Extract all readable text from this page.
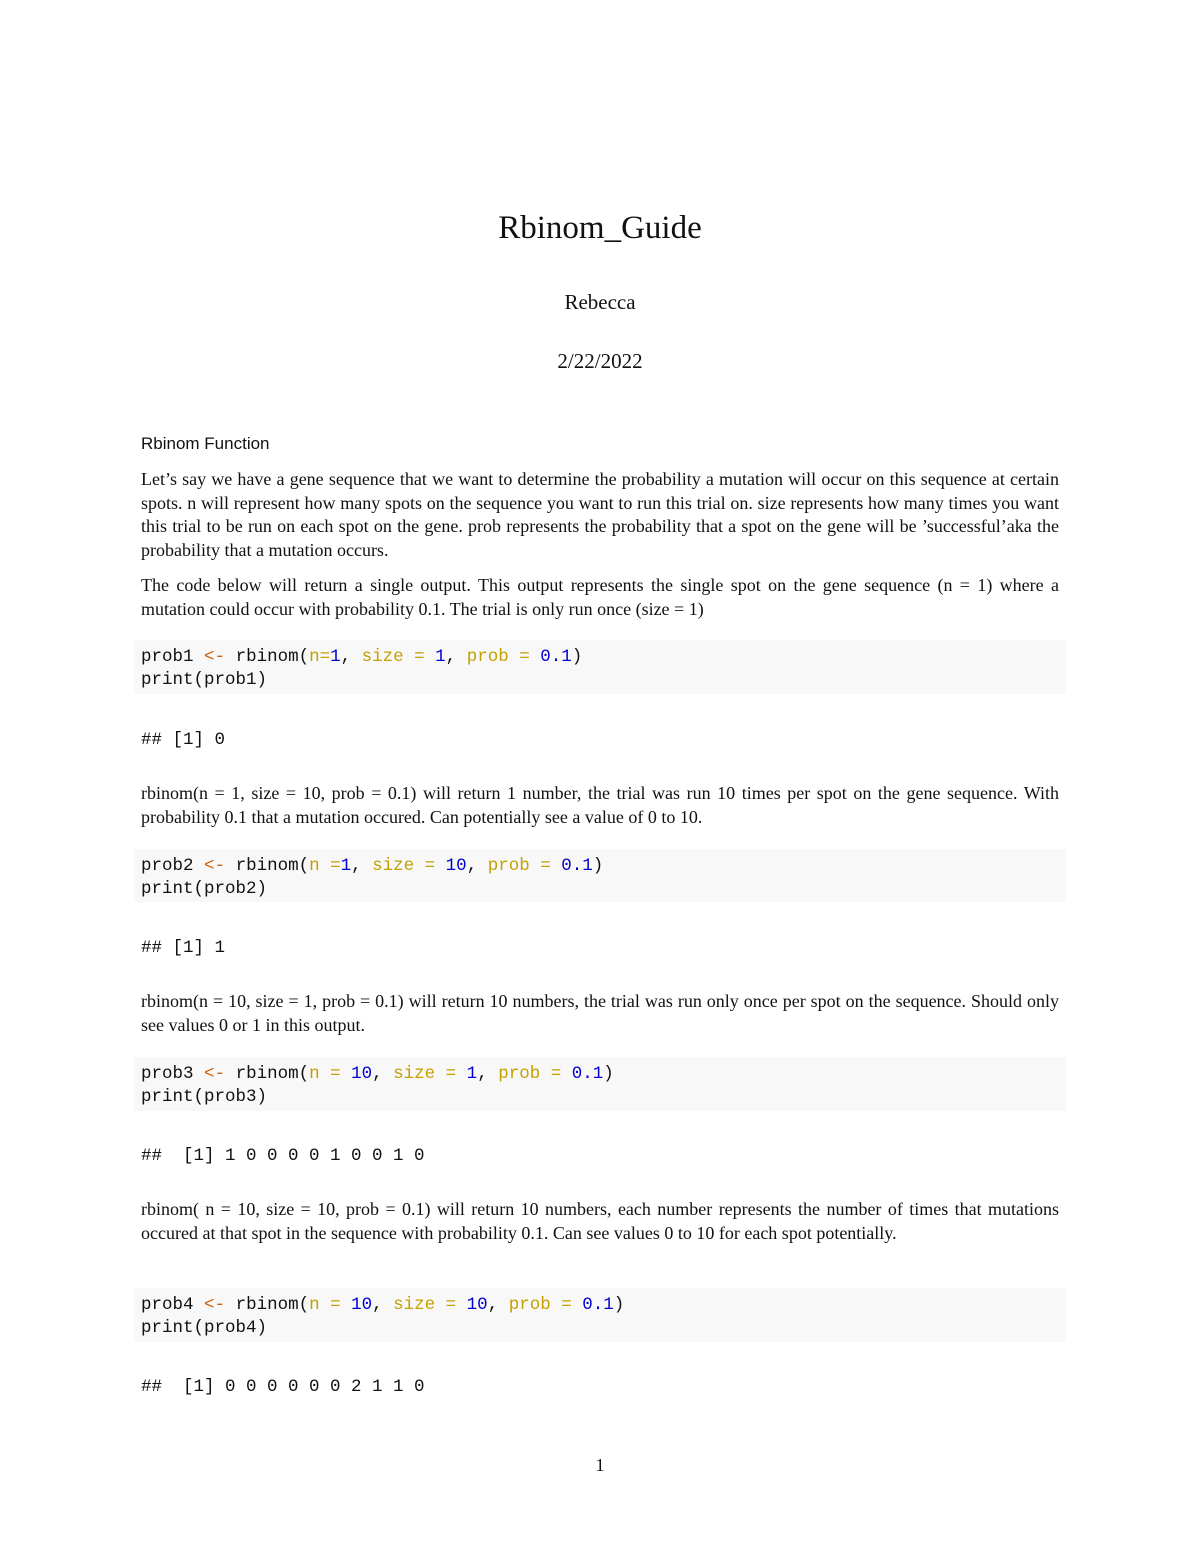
Rbinom_Guide
Rebecca
2/22/2022
Rbinom Function
Let’s say we have a gene sequence that we want to determine the probability a mutation will occur on this sequence at certain spots. n will represent how many spots on the sequence you want to run this trial on. size represents how many times you want this trial to be run on each spot on the gene. prob represents the probability that a spot on the gene will be ’successful’aka the probability that a mutation occurs.
The code below will return a single output. This output represents the single spot on the gene sequence (n = 1) where a mutation could occur with probability 0.1. The trial is only run once (size = 1)
prob1 <- rbinom(n=1, size = 1, prob = 0.1)
print(prob1)
## [1] 0
rbinom(n = 1, size = 10, prob = 0.1) will return 1 number, the trial was run 10 times per spot on the gene sequence. With probability 0.1 that a mutation occured. Can potentially see a value of 0 to 10.
prob2 <- rbinom(n =1, size = 10, prob = 0.1)
print(prob2)
## [1] 1
rbinom(n = 10, size = 1, prob = 0.1) will return 10 numbers, the trial was run only once per spot on the sequence. Should only see values 0 or 1 in this output.
prob3 <- rbinom(n = 10, size = 1, prob = 0.1)
print(prob3)
##  [1] 1 0 0 0 0 1 0 0 1 0
rbinom( n = 10, size = 10, prob = 0.1) will return 10 numbers, each number represents the number of times that mutations occured at that spot in the sequence with probability 0.1. Can see values 0 to 10 for each spot potentially.
prob4 <- rbinom(n = 10, size = 10, prob = 0.1)
print(prob4)
##  [1] 0 0 0 0 0 0 2 1 1 0
1
